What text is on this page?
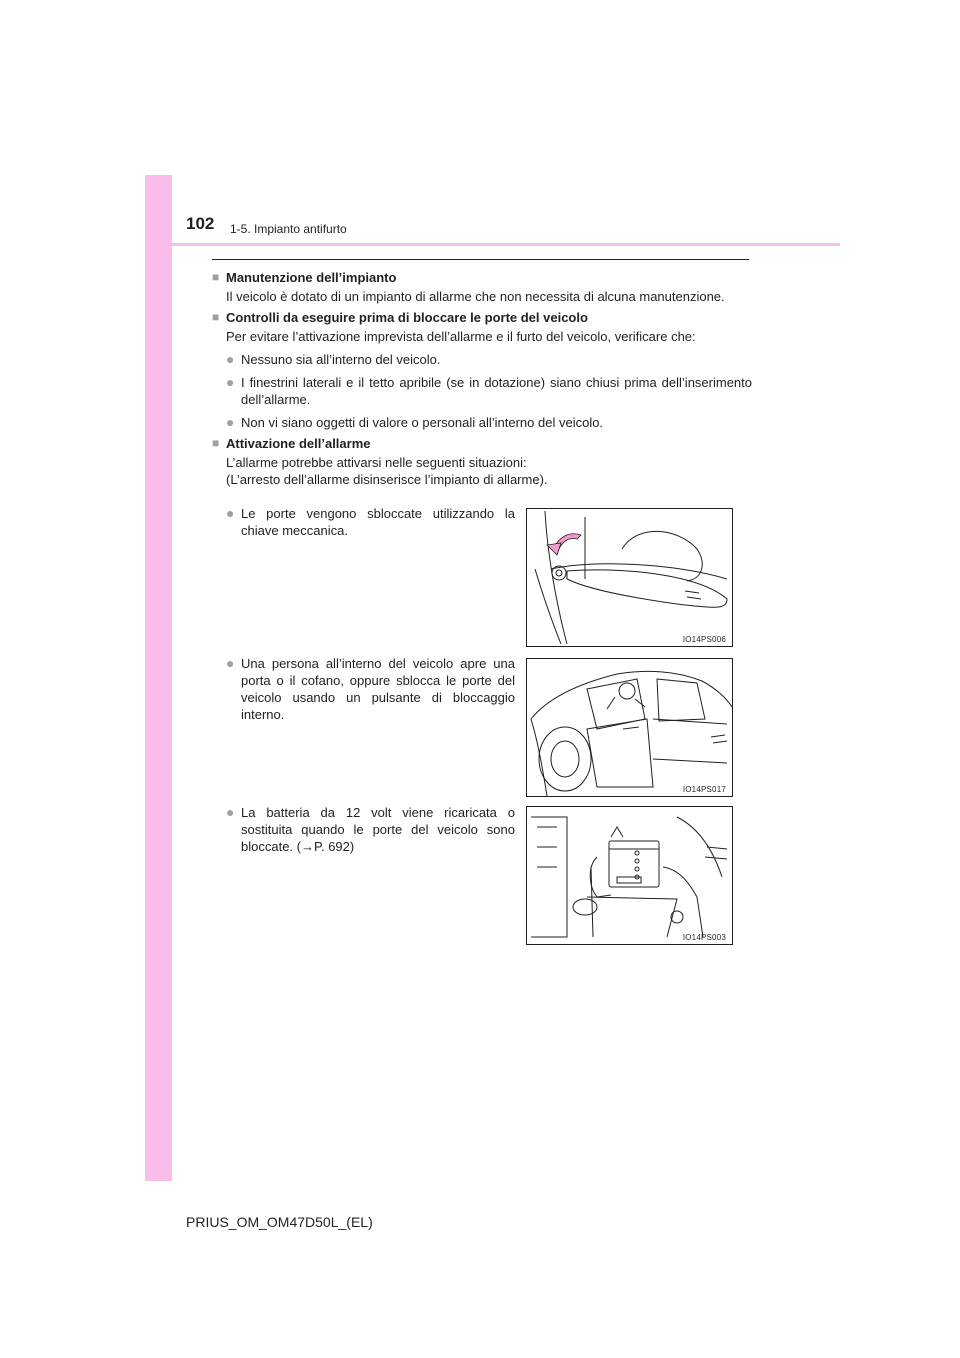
102 1-5. Impianto antifurto
■ Manutenzione dell’impianto
Il veicolo è dotato di un impianto di allarme che non necessita di alcuna manutenzione.
■ Controlli da eseguire prima di bloccare le porte del veicolo
Per evitare l’attivazione imprevista dell’allarme e il furto del veicolo, verificare che:
● Nessuno sia all’interno del veicolo.
● I finestrini laterali e il tetto apribile (se in dotazione) siano chiusi prima dell’inserimento dell’allarme.
● Non vi siano oggetti di valore o personali all’interno del veicolo.
■ Attivazione dell’allarme
L’allarme potrebbe attivarsi nelle seguenti situazioni:
(L’arresto dell’allarme disinserisce l’impianto di allarme).
● Le porte vengono sbloccate utilizzando la chiave meccanica.
IO14PS006
● Una persona all’interno del veicolo apre una porta o il cofano, oppure sblocca le porte del veicolo usando un pulsante di bloccaggio interno.
IO14PS017
● La batteria da 12 volt viene ricaricata o sostituita quando le porte del veicolo sono bloccate. (→P. 692)
IO14PS003
PRIUS_OM_OM47D50L_(EL)
